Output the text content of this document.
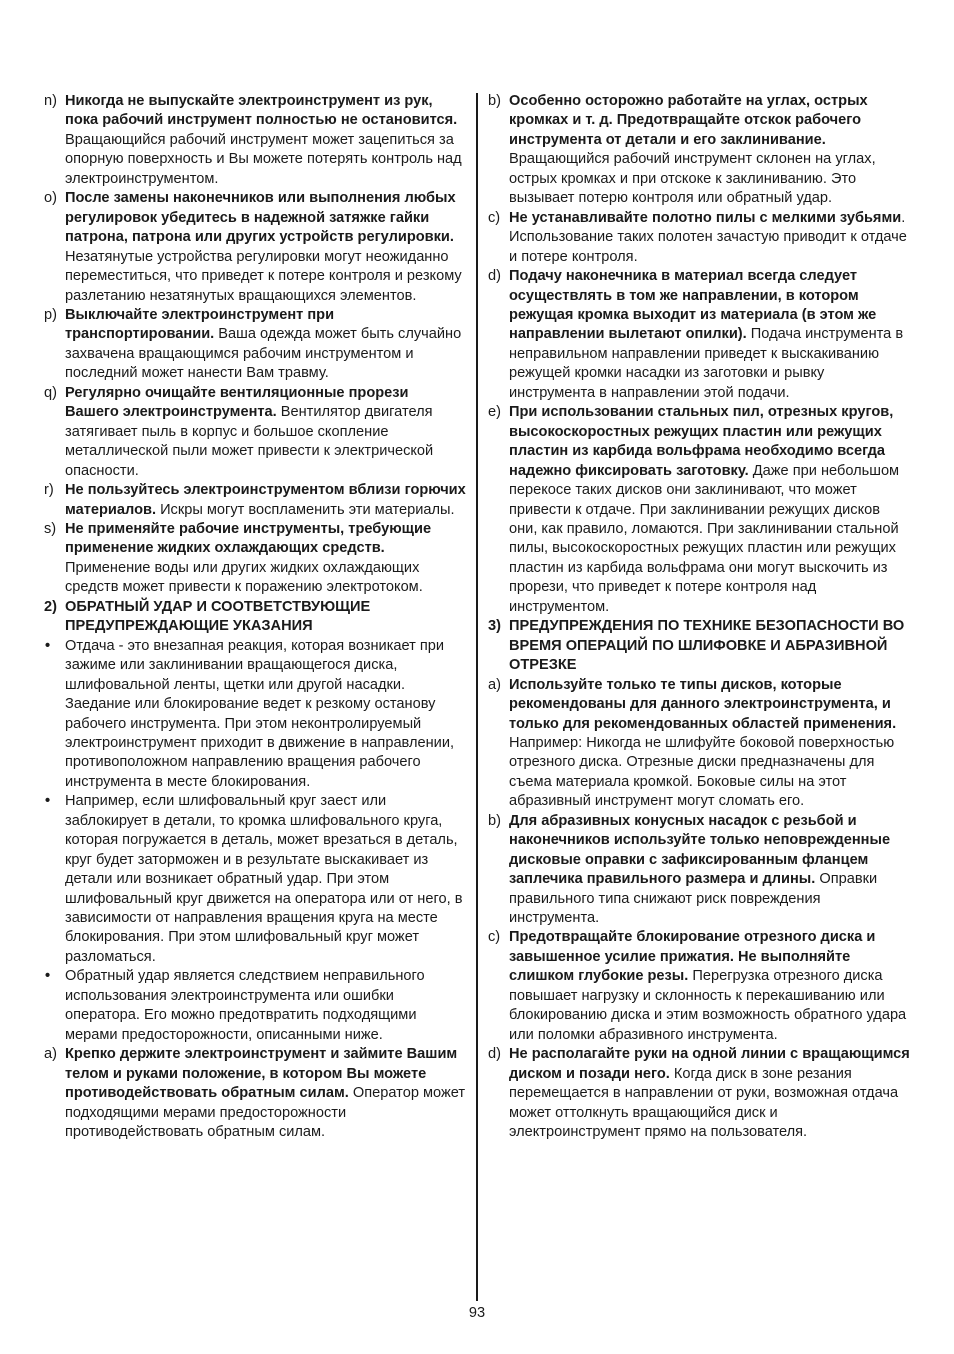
n) Никогда не выпускайте электроинструмент из рук, пока рабочий инструмент полностью не остановится. Вращающийся рабочий инструмент может зацепиться за опорную поверхность и Вы можете потерять контроль над электроинструментом.
o) После замены наконечников или выполнения любых регулировок убедитесь в надежной затяжке гайки патрона, патрона или других устройств регулировки. Незатянутые устройства регулировки могут неожиданно переместиться, что приведет к потере контроля и резкому разлетанию незатянутых вращающихся элементов.
p) Выключайте электроинструмент при транспортировании. Ваша одежда может быть случайно захвачена вращающимся рабочим инструментом и последний может нанести Вам травму.
q) Регулярно очищайте вентиляционные прорези Вашего электроинструмента. Вентилятор двигателя затягивает пыль в корпус и большое скопление металлической пыли может привести к электрической опасности.
r) Не пользуйтесь электроинструментом вблизи горючих материалов. Искры могут воспламенить эти материалы.
s) Не применяйте рабочие инструменты, требующие применение жидких охлаждающих средств. Применение воды или других жидких охлаждающих средств может привести к поражению электротоком.
2) ОБРАТНЫЙ УДАР И СООТВЕТСТВУЮЩИЕ ПРЕДУПРЕЖДАЮЩИЕ УКАЗАНИЯ
• Отдача - это внезапная реакция, которая возникает при зажиме или заклинивании вращающегося диска, шлифовальной ленты, щетки или другой насадки. Заедание или блокирование ведет к резкому останову рабочего инструмента. При этом неконтролируемый электроинструмент приходит в движение в направлении, противоположном направлению вращения рабочего инструмента в месте блокирования.
• Например, если шлифовальный круг заест или заблокирует в детали, то кромка шлифовального круга, которая погружается в деталь, может врезаться в деталь, круг будет заторможен и в результате выскакивает из детали или возникает обратный удар. При этом шлифовальный круг движется на оператора или от него, в зависимости от направления вращения круга на месте блокирования. При этом шлифовальный круг может разломаться.
• Обратный удар является следствием неправильного использования электроинструмента или ошибки оператора. Его можно предотвратить подходящими мерами предосторожности, описанными ниже.
a) Крепко держите электроинструмент и займите Вашим телом и руками положение, в котором Вы можете противодействовать обратным силам. Оператор может подходящими мерами предосторожности противодействовать обратным силам.
b) Особенно осторожно работайте на углах, острых кромках и т. д. Предотвращайте отскок рабочего инструмента от детали и его заклинивание. Вращающийся рабочий инструмент склонен на углах, острых кромках и при отскоке к заклиниванию. Это вызывает потерю контроля или обратный удар.
c) Не устанавливайте полотно пилы с мелкими зубьями. Использование таких полотен зачастую приводит к отдаче и потере контроля.
d) Подачу наконечника в материал всегда следует осуществлять в том же направлении, в котором режущая кромка выходит из материала (в этом же направлении вылетают опилки). Подача инструмента в неправильном направлении приведет к выскакиванию режущей кромки насадки из заготовки и рывку инструмента в направлении этой подачи.
e) При использовании стальных пил, отрезных кругов, высокоскоростных режущих пластин или режущих пластин из карбида вольфрама необходимо всегда надежно фиксировать заготовку. Даже при небольшом перекосе таких дисков они заклинивают, что может привести к отдаче. При заклинивании режущих дисков они, как правило, ломаются. При заклинивании стальной пилы, высокоскоростных режущих пластин или режущих пластин из карбида вольфрама они могут выскочить из прорези, что приведет к потере контроля над инструментом.
3) ПРЕДУПРЕЖДЕНИЯ ПО ТЕХНИКЕ БЕЗОПАСНОСТИ ВО ВРЕМЯ ОПЕРАЦИЙ ПО ШЛИФОВКЕ И АБРАЗИВНОЙ ОТРЕЗКЕ
a) Используйте только те типы дисков, которые рекомендованы для данного электроинструмента, и только для рекомендованных областей применения. Например: Никогда не шлифуйте боковой поверхностью отрезного диска. Отрезные диски предназначены для съема материала кромкой. Боковые силы на этот абразивный инструмент могут сломать его.
b) Для абразивных конусных насадок с резьбой и наконечников используйте только неповрежденные дисковые оправки с зафиксированным фланцем заплечика правильного размера и длины. Оправки правильного типа снижают риск повреждения инструмента.
c) Предотвращайте блокирование отрезного диска и завышенное усилие прижатия. Не выполняйте слишком глубокие резы. Перегрузка отрезного диска повышает нагрузку и склонность к перекашиванию или блокированию диска и этим возможность обратного удара или поломки абразивного инструмента.
d) Не располагайте руки на одной линии с вращающимся диском и позади него. Когда диск в зоне резания перемещается в направлении от руки, возможная отдача может оттолкнуть вращающийся диск и электроинструмент прямо на пользователя.
93
